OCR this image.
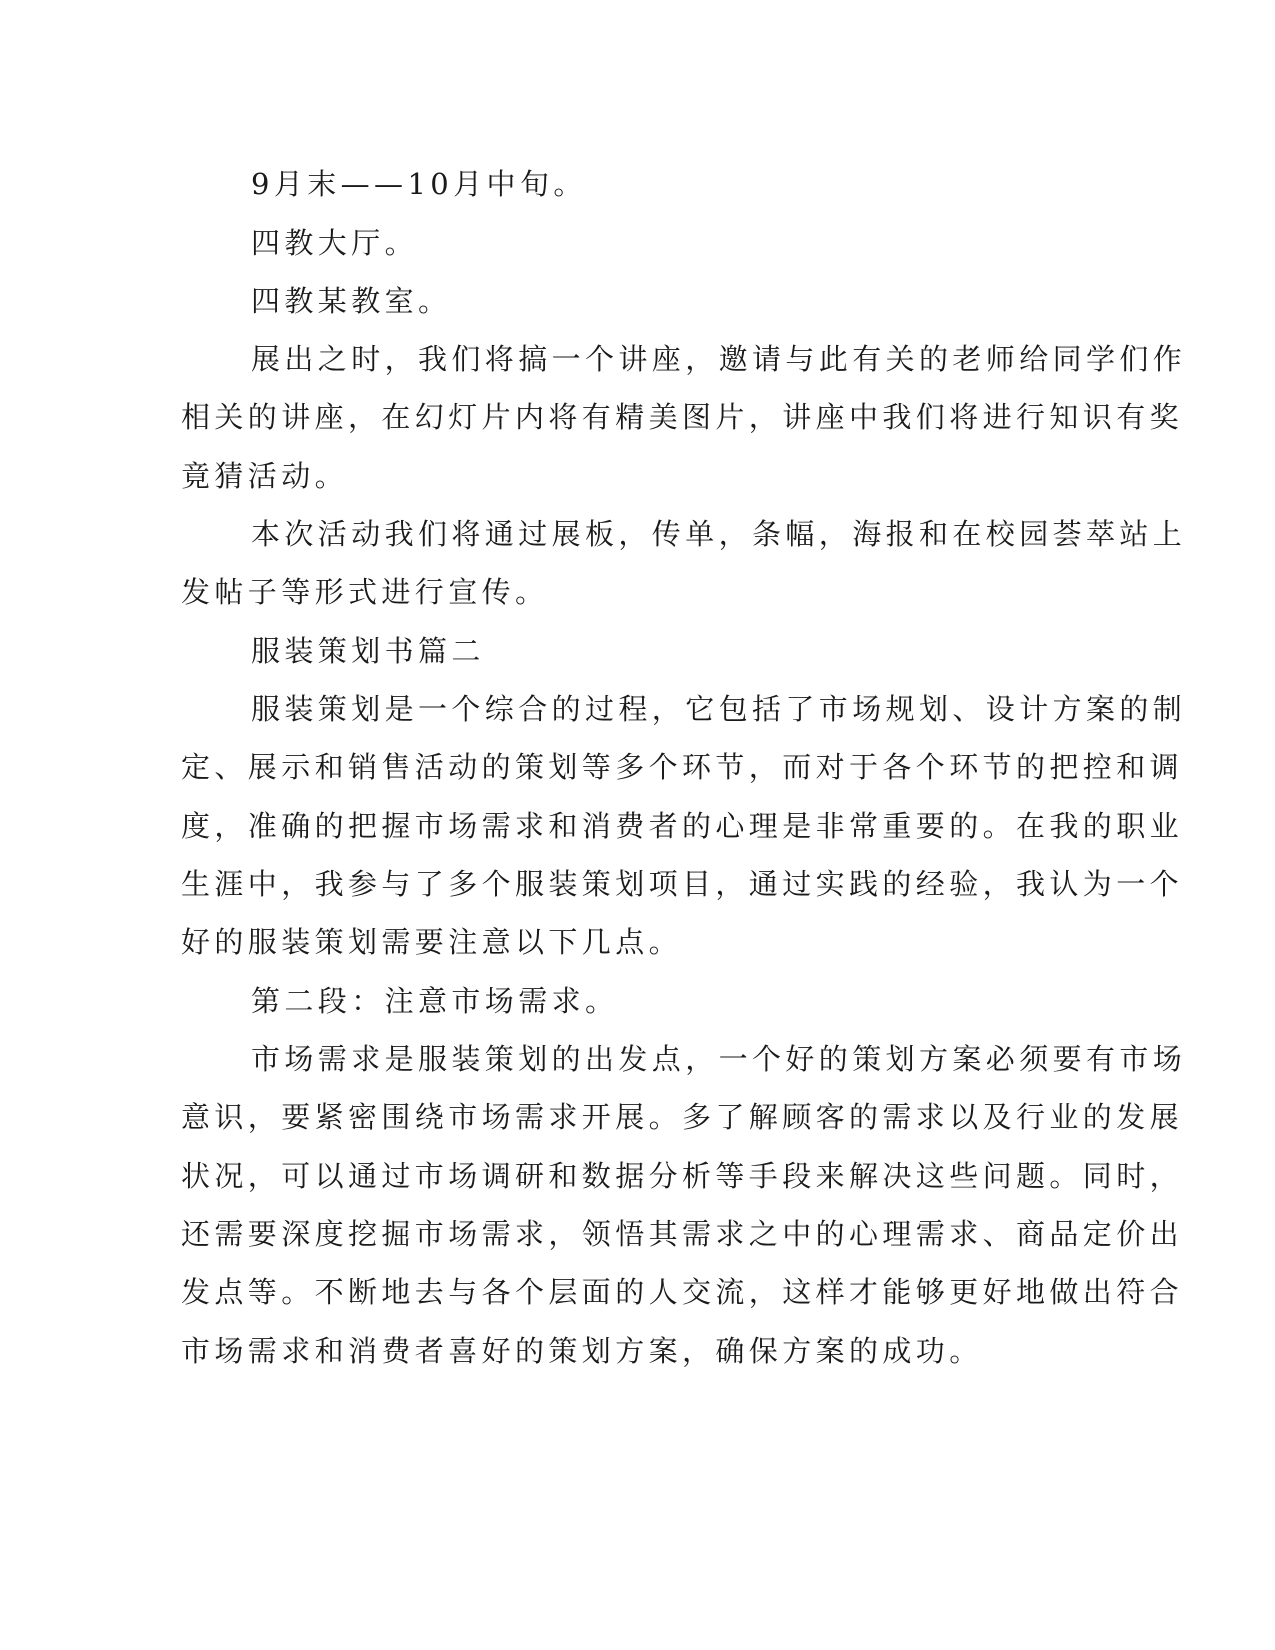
9月末——10月中旬。

四教大厅。

四教某教室。

展出之时，我们将搞一个讲座，邀请与此有关的老师给同学们作

相关的讲座，在幻灯片内将有精美图片，讲座中我们将进行知识有奖

竟猜活动。

本次活动我们将通过展板，传单，条幅，海报和在校园荟萃站上

发帖子等形式进行宣传。

服装策划书篇二

服装策划是一个综合的过程，它包括了市场规划、设计方案的制

定、展示和销售活动的策划等多个环节，而对于各个环节的把控和调

度，准确的把握市场需求和消费者的心理是非常重要的。在我的职业

生涯中，我参与了多个服装策划项目，通过实践的经验，我认为一个

好的服装策划需要注意以下几点。

第二段：注意市场需求。

市场需求是服装策划的出发点，一个好的策划方案必须要有市场

意识，要紧密围绕市场需求开展。多了解顾客的需求以及行业的发展

状况，可以通过市场调研和数据分析等手段来解决这些问题。同时，

还需要深度挖掘市场需求，领悟其需求之中的心理需求、商品定价出

发点等。不断地去与各个层面的人交流，这样才能够更好地做出符合

市场需求和消费者喜好的策划方案，确保方案的成功。
